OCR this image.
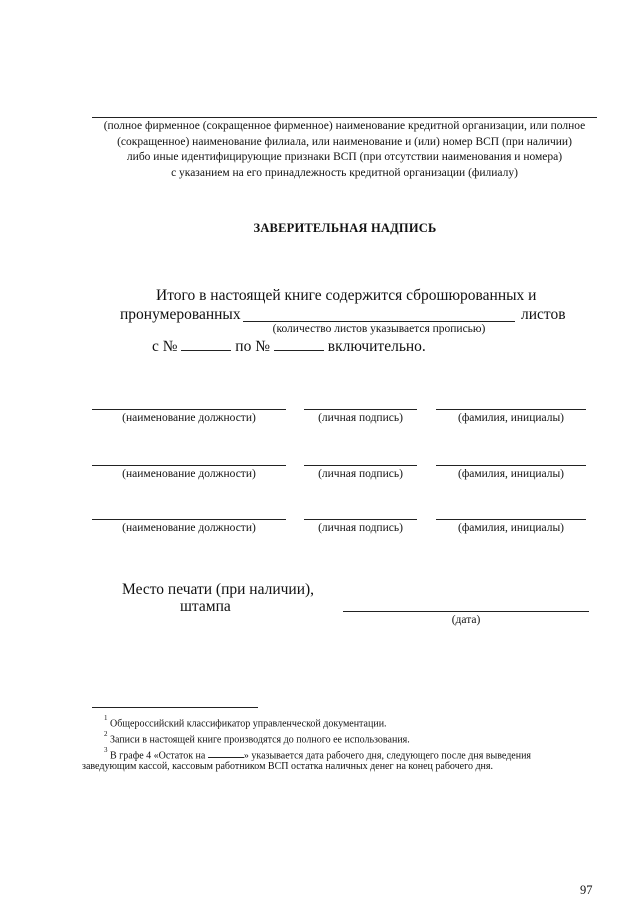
(полное фирменное (сокращенное фирменное) наименование кредитной организации, или полное
(сокращенное) наименование филиала, или наименование и (или) номер ВСП (при наличии)
либо иные идентифицирующие признаки ВСП (при отсутствии наименования и номера)
с указанием на его принадлежность кредитной организации (филиалу)
ЗАВЕРИТЕЛЬНАЯ НАДПИСЬ
Итого в настоящей книге содержится сброшюрованных и
пронумерованных	листов
(количество листов указывается прописью)
с №	по №	включительно.
(наименование должности)	(личная подпись)	(фамилия, инициалы)
(наименование должности)	(личная подпись)	(фамилия, инициалы)
(наименование должности)	(личная подпись)	(фамилия, инициалы)
Место печати (при наличии),
штампа
(дата)
$^1$ Общероссийский классификатор управленческой документации.
$^2$ Записи в настоящей книге производятся до полного ее использования.
$^3$ В графе 4 «Остаток на	» указывается дата рабочего дня, следующего после дня выведения
заведующим кассой, кассовым работником ВСП остатка наличных денег на конец рабочего дня.
97
